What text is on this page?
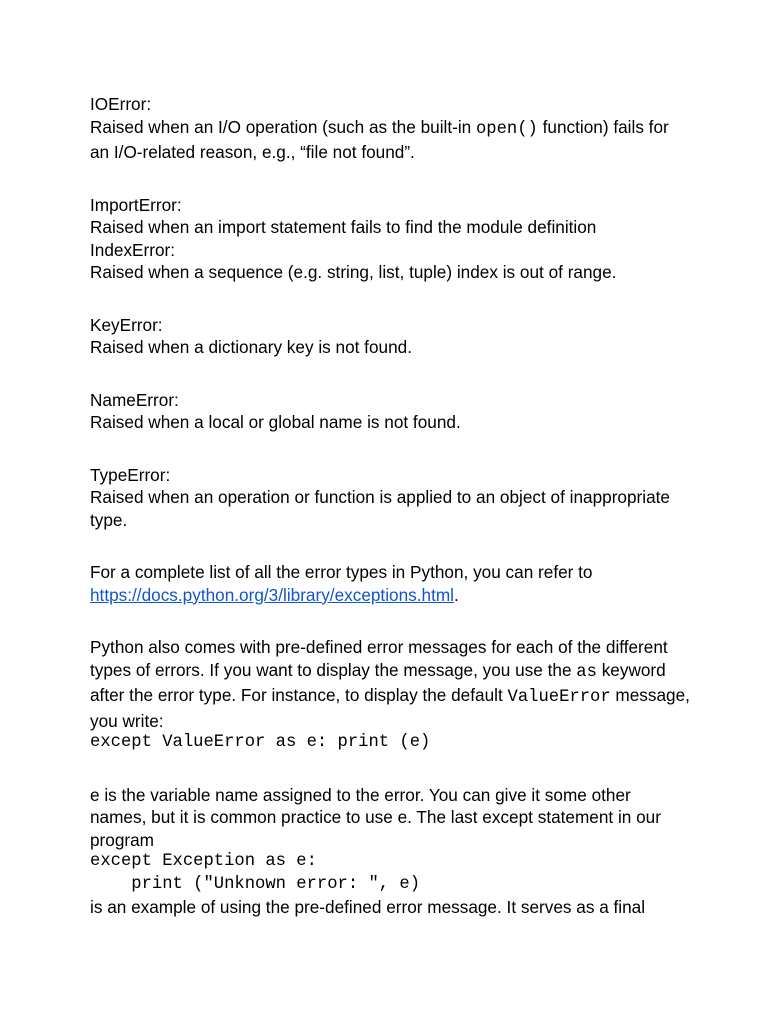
IOError:

Raised when an I/O operation (such as the built-in open() function) fails for an I/O-related reason, e.g., “file not found”.

ImportError:

Raised when an import statement fails to find the module definition

IndexError:

Raised when a sequence (e.g. string, list, tuple) index is out of range.

KeyError:

Raised when a dictionary key is not found.

NameError:

Raised when a local or global name is not found.

TypeError:

Raised when an operation or function is applied to an object of inappropriate type.

For a complete list of all the error types in Python, you can refer to https://docs.python.org/3/library/exceptions.html.

Python also comes with pre-defined error messages for each of the different types of errors. If you want to display the message, you use the as keyword after the error type. For instance, to display the default ValueError message, you write:

except ValueError as e: print (e)

e is the variable name assigned to the error. You can give it some other names, but it is common practice to use e. The last except statement in our program

except Exception as e:

print ("Unknown error: ", e)

is an example of using the pre-defined error message. It serves as a final
